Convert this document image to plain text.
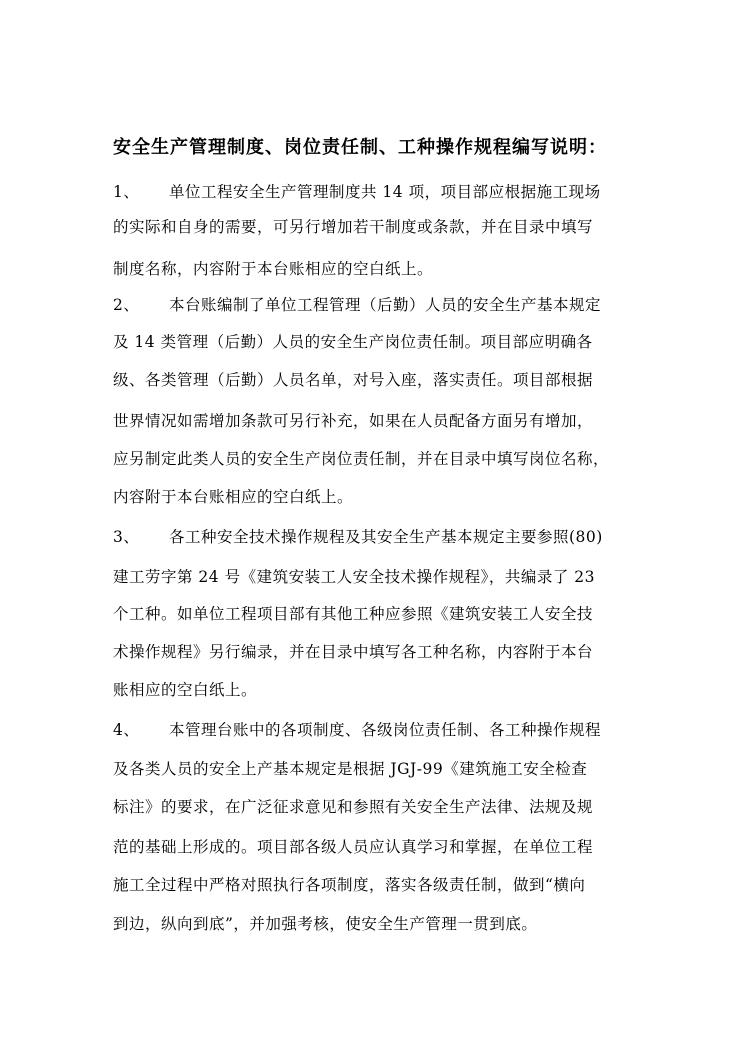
安全生产管理制度、岗位责任制、工种操作规程编写说明：
1、 单位工程安全生产管理制度共 14 项，项目部应根据施工现场
的实际和自身的需要，可另行增加若干制度或条款，并在目录中填写
制度名称，内容附于本台账相应的空白纸上。
2、 本台账编制了单位工程管理（后勤）人员的安全生产基本规定
及 14 类管理（后勤）人员的安全生产岗位责任制。项目部应明确各
级、各类管理（后勤）人员名单，对号入座，落实责任。项目部根据
世界情况如需增加条款可另行补充，如果在人员配备方面另有增加，
应另制定此类人员的安全生产岗位责任制，并在目录中填写岗位名称，
内容附于本台账相应的空白纸上。
3、 各工种安全技术操作规程及其安全生产基本规定主要参照(80)
建工劳字第 24 号《建筑安装工人安全技术操作规程》，共编录了 23
个工种。如单位工程项目部有其他工种应参照《建筑安装工人安全技
术操作规程》另行编录，并在目录中填写各工种名称，内容附于本台
账相应的空白纸上。
4、 本管理台账中的各项制度、各级岗位责任制、各工种操作规程
及各类人员的安全上产基本规定是根据 JGJ-99《建筑施工安全检查
标注》的要求，在广泛征求意见和参照有关安全生产法律、法规及规
范的基础上形成的。项目部各级人员应认真学习和掌握，在单位工程
施工全过程中严格对照执行各项制度，落实各级责任制，做到“横向
到边，纵向到底”，并加强考核，使安全生产管理一贯到底。
